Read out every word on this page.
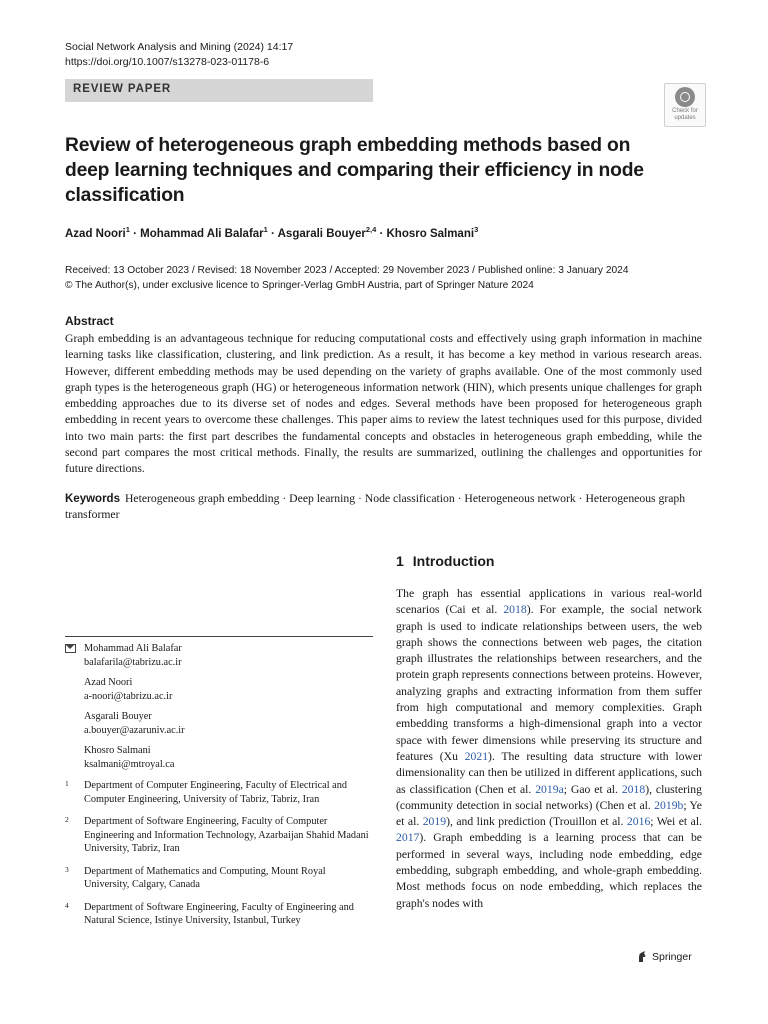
Social Network Analysis and Mining (2024) 14:17
https://doi.org/10.1007/s13278-023-01178-6
REVIEW PAPER
Check for
updates
Review of heterogeneous graph embedding methods based on deep learning techniques and comparing their efficiency in node classification
Azad Noori$^1$ · Mohammad Ali Balafar$^1$ · Asgarali Bouyer$^{2,4}$ · Khosro Salmani$^3$
Received: 13 October 2023 / Revised: 18 November 2023 / Accepted: 29 November 2023 / Published online: 3 January 2024
© The Author(s), under exclusive licence to Springer-Verlag GmbH Austria, part of Springer Nature 2024
Abstract
Graph embedding is an advantageous technique for reducing computational costs and effectively using graph information in machine learning tasks like classification, clustering, and link prediction. As a result, it has become a key method in various research areas. However, different embedding methods may be used depending on the variety of graphs available. One of the most commonly used graph types is the heterogeneous graph (HG) or heterogeneous information network (HIN), which presents unique challenges for graph embedding approaches due to its diverse set of nodes and edges. Several methods have been proposed for heterogeneous graph embedding in recent years to overcome these challenges. This paper aims to review the latest techniques used for this purpose, divided into two main parts: the first part describes the fundamental concepts and obstacles in heterogeneous graph embedding, while the second part compares the most critical methods. Finally, the results are summarized, outlining the challenges and opportunities for future directions.
Keywords Heterogeneous graph embedding · Deep learning · Node classification · Heterogeneous network · Heterogeneous graph transformer
1 Introduction
The graph has essential applications in various real-world scenarios (Cai et al. 2018). For example, the social network graph is used to indicate relationships between users, the web graph shows the connections between web pages, the citation graph illustrates the relationships between researchers, and the protein graph represents connections between proteins. However, analyzing graphs and extracting information from them suffer from high computational and memory complexities. Graph embedding transforms a high-dimensional graph into a vector space with fewer dimensions while preserving its structure and features (Xu 2021). The resulting data structure with lower dimensionality can then be utilized in different applications, such as classification (Chen et al. 2019a; Gao et al. 2018), clustering (community detection in social networks) (Chen et al. 2019b; Ye et al. 2019), and link prediction (Trouillon et al. 2016; Wei et al. 2017). Graph embedding is a learning process that can be performed in several ways, including node embedding, edge embedding, subgraph embedding, and whole-graph embedding. Most methods focus on node embedding, which replaces the graph's nodes with
Mohammad Ali Balafar
balafarila@tabrizu.ac.ir
Azad Noori
a-noori@tabrizu.ac.ir
Asgarali Bouyer
a.bouyer@azaruniv.ac.ir
Khosro Salmani
ksalmani@mtroyal.ca
1	Department of Computer Engineering, Faculty of Electrical and Computer Engineering, University of Tabriz, Tabriz, Iran
2	Department of Software Engineering, Faculty of Computer Engineering and Information Technology, Azarbaijan Shahid Madani University, Tabriz, Iran
3	Department of Mathematics and Computing, Mount Royal University, Calgary, Canada
4	Department of Software Engineering, Faculty of Engineering and Natural Science, Istinye University, Istanbul, Turkey
Springer
